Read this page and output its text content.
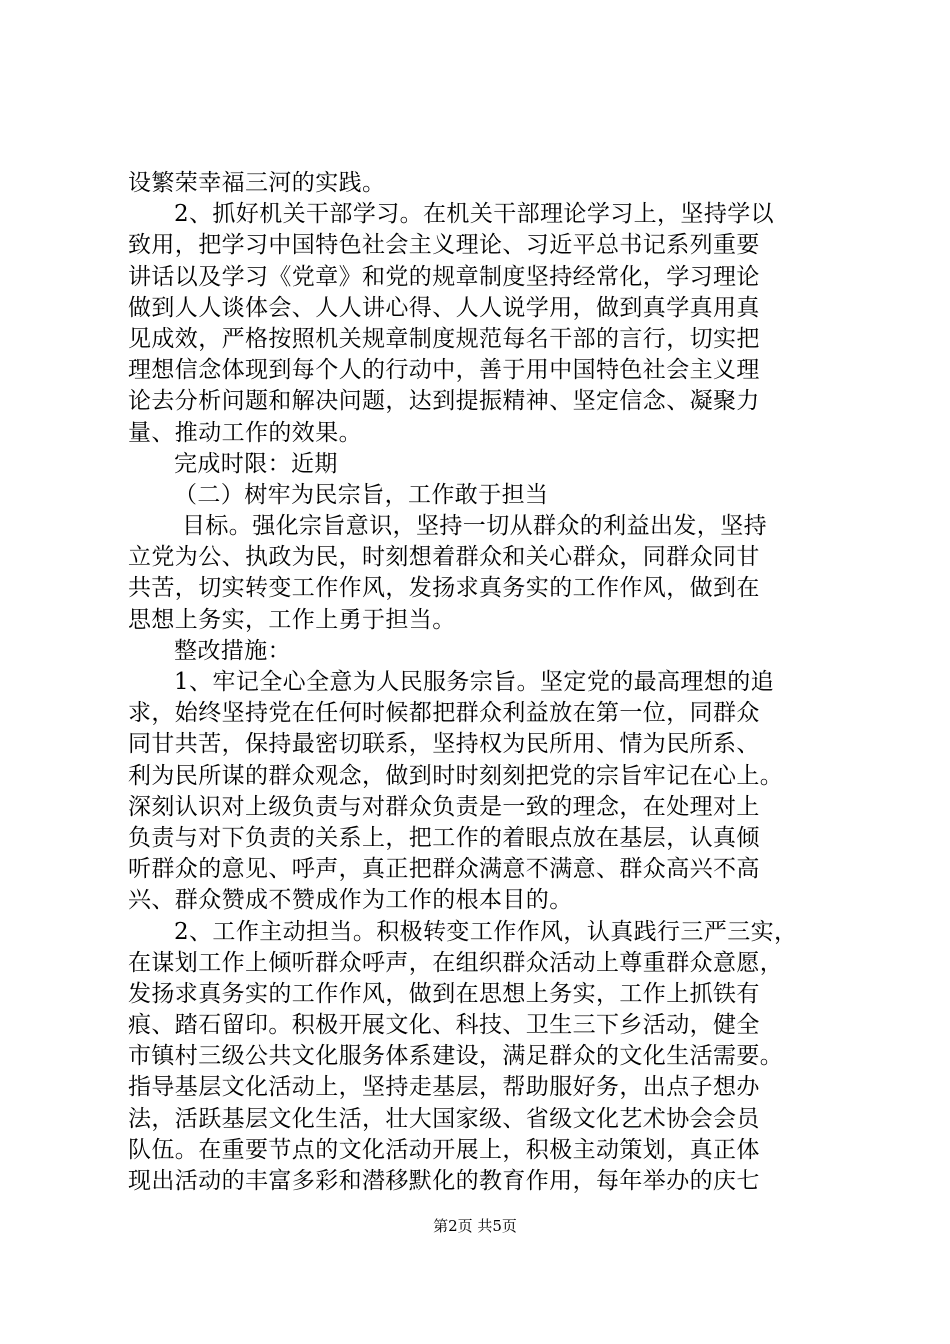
设繁荣幸福三河的实践。
2、抓好机关干部学习。在机关干部理论学习上，坚持学以
致用，把学习中国特色社会主义理论、习近平总书记系列重要
讲话以及学习《党章》和党的规章制度坚持经常化，学习理论
做到人人谈体会、人人讲心得、人人说学用，做到真学真用真
见成效，严格按照机关规章制度规范每名干部的言行，切实把
理想信念体现到每个人的行动中，善于用中国特色社会主义理
论去分析问题和解决问题，达到提振精神、坚定信念、凝聚力
量、推动工作的效果。
完成时限：近期
（二）树牢为民宗旨，工作敢于担当
目标。强化宗旨意识，坚持一切从群众的利益出发，坚持
立党为公、执政为民，时刻想着群众和关心群众，同群众同甘
共苦，切实转变工作作风，发扬求真务实的工作作风，做到在
思想上务实，工作上勇于担当。
整改措施：
1、牢记全心全意为人民服务宗旨。坚定党的最高理想的追
求，始终坚持党在任何时候都把群众利益放在第一位，同群众
同甘共苦，保持最密切联系，坚持权为民所用、情为民所系、
利为民所谋的群众观念，做到时时刻刻把党的宗旨牢记在心上。
深刻认识对上级负责与对群众负责是一致的理念，在处理对上
负责与对下负责的关系上，把工作的着眼点放在基层，认真倾
听群众的意见、呼声，真正把群众满意不满意、群众高兴不高
兴、群众赞成不赞成作为工作的根本目的。
2、工作主动担当。积极转变工作作风，认真践行三严三实，
在谋划工作上倾听群众呼声，在组织群众活动上尊重群众意愿，
发扬求真务实的工作作风，做到在思想上务实，工作上抓铁有
痕、踏石留印。积极开展文化、科技、卫生三下乡活动，健全
市镇村三级公共文化服务体系建设，满足群众的文化生活需要。
指导基层文化活动上，坚持走基层，帮助服好务，出点子想办
法，活跃基层文化生活，壮大国家级、省级文化艺术协会会员
队伍。在重要节点的文化活动开展上，积极主动策划，真正体
现出活动的丰富多彩和潜移默化的教育作用，每年举办的庆七
第2页 共5页
